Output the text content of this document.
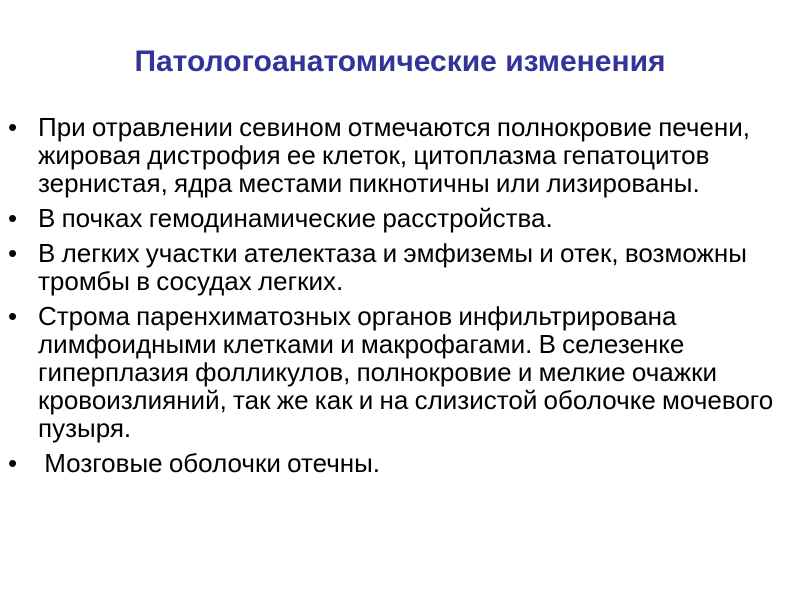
Патологоанатомические изменения
• При отравлении севином отмечаются полнокровие печени, жировая дистрофия ее клеток, цитоплазма гепатоцитов зернистая, ядра местами пикнотичны или лизированы.
• В почках гемодинамические расстройства.
• В легких участки ателектаза и эмфиземы и отек, возможны тромбы в сосудах легких.
• Строма паренхиматозных органов инфильтрирована лимфоидными клетками и макрофагами. В селезенке гиперплазия фолликулов, полнокровие и мелкие очажки кровоизлияний, так же как и на слизистой оболочке мочевого пузыря.
• Мозговые оболочки отечны.
